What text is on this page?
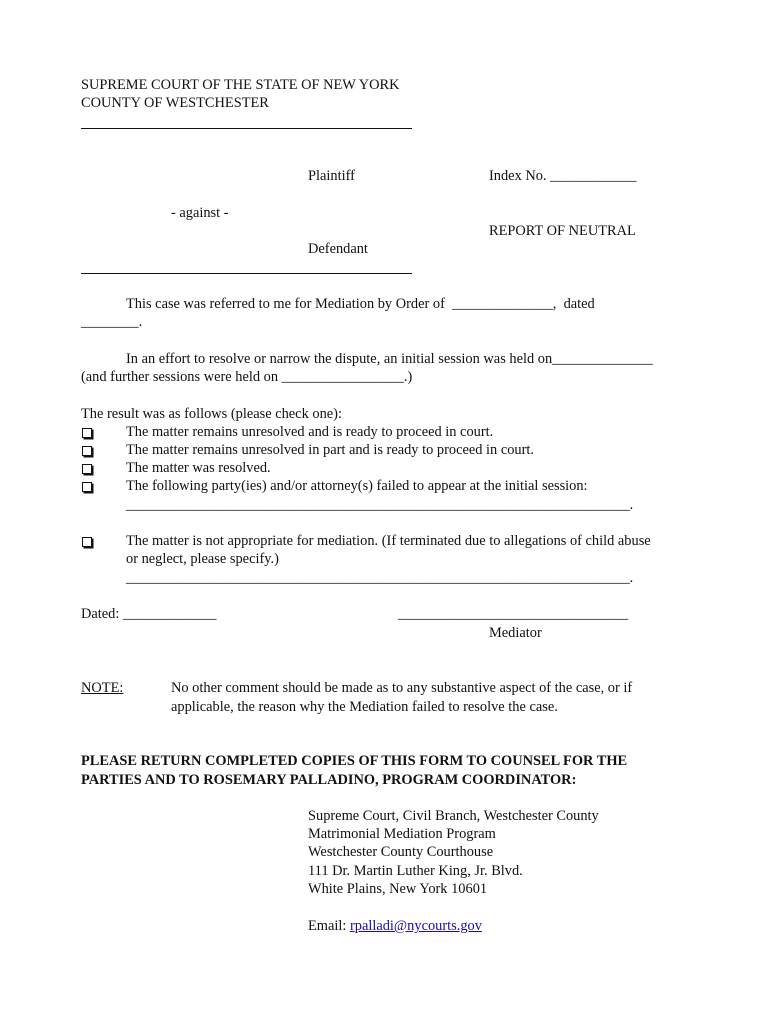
SUPREME COURT OF THE STATE OF NEW YORK
COUNTY OF WESTCHESTER
Plaintiff	Index No. ____________
- against -
REPORT OF NEUTRAL
Defendant
This case was referred to me for Mediation by Order of  ______________,  dated
________.
In an effort to resolve or narrow the dispute, an initial session was held on______________
(and further sessions were held on _________________.)
The result was as follows (please check one):
The matter remains unresolved and is ready to proceed in court.
The matter remains unresolved in part and is ready to proceed in court.
The matter was resolved.
The following party(ies) and/or attorney(s) failed to appear at the initial session:
______________________________________________________________________.
The matter is not appropriate for mediation. (If terminated due to allegations of child abuse
or neglect, please specify.)
______________________________________________________________________.
Dated: _____________	________________________________
Mediator
NOTE:	No other comment should be made as to any substantive aspect of the case, or if
applicable, the reason why the Mediation failed to resolve the case.
PLEASE RETURN COMPLETED COPIES OF THIS FORM TO COUNSEL FOR THE
PARTIES AND TO ROSEMARY PALLADINO, PROGRAM COORDINATOR:
Supreme Court, Civil Branch, Westchester County
Matrimonial Mediation Program
Westchester County Courthouse
111 Dr. Martin Luther King, Jr. Blvd.
White Plains, New York 10601
Email: rpalladi@nycourts.gov
